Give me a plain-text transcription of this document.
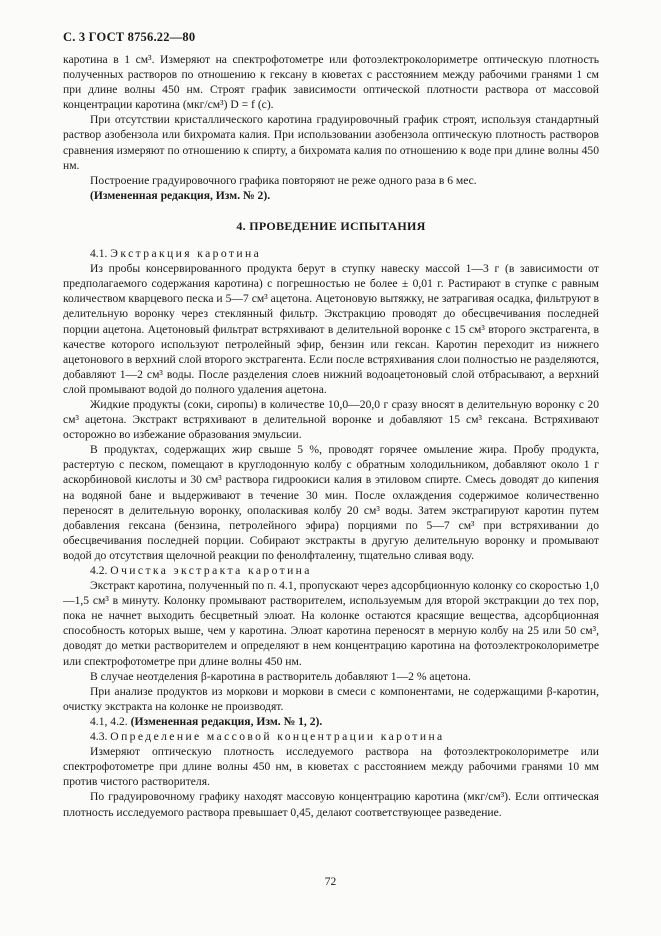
С. 3 ГОСТ 8756.22—80

каротина в 1 см³. Измеряют на спектрофотометре или фотоэлектроколориметре оптическую плотность полученных растворов по отношению к гексану в кюветах с расстоянием между рабочими гранями 1 см при длине волны 450 нм. Строят график зависимости оптической плотности раствора от массовой концентрации каротина (мкг/см³) D = f (c).

При отсутствии кристаллического каротина градуировочный график строят, используя стандартный раствор азобензола или бихромата калия. При использовании азобензола оптическую плотность растворов сравнения измеряют по отношению к спирту, а бихромата калия по отношению к воде при длине волны 450 нм.

Построение градуировочного графика повторяют не реже одного раза в 6 мес.

(Измененная редакция, Изм. № 2).

4. ПРОВЕДЕНИЕ ИСПЫТАНИЯ

4.1. Экстракция каротина

Из пробы консервированного продукта берут в ступку навеску массой 1—3 г (в зависимости от предполагаемого содержания каротина) с погрешностью не более ± 0,01 г. Растирают в ступке с равным количеством кварцевого песка и 5—7 см³ ацетона. Ацетоновую вытяжку, не затрагивая осадка, фильтруют в делительную воронку через стеклянный фильтр. Экстракцию проводят до обесцвечивания последней порции ацетона. Ацетоновый фильтрат встряхивают в делительной воронке с 15 см³ второго экстрагента, в качестве которого используют петролейный эфир, бензин или гексан. Каротин переходит из нижнего ацетонового в верхний слой второго экстрагента. Если после встряхивания слои полностью не разделяются, добавляют 1—2 см³ воды. После разделения слоев нижний водоацетоновый слой отбрасывают, а верхний слой промывают водой до полного удаления ацетона.

Жидкие продукты (соки, сиропы) в количестве 10,0—20,0 г сразу вносят в делительную воронку с 20 см³ ацетона. Экстракт встряхивают в делительной воронке и добавляют 15 см³ гексана. Встряхивают осторожно во избежание образования эмульсии.

В продуктах, содержащих жир свыше 5 %, проводят горячее омыление жира. Пробу продукта, растертую с песком, помещают в круглодонную колбу с обратным холодильником, добавляют около 1 г аскорбиновой кислоты и 30 см³ раствора гидроокиси калия в этиловом спирте. Смесь доводят до кипения на водяной бане и выдерживают в течение 30 мин. После охлаждения содержимое количественно переносят в делительную воронку, ополаскивая колбу 20 см³ воды. Затем экстрагируют каротин путем добавления гексана (бензина, петролейного эфира) порциями по 5—7 см³ при встряхивании до обесцвечивания последней порции. Собирают экстракты в другую делительную воронку и промывают водой до отсутствия щелочной реакции по фенолфталеину, тщательно сливая воду.

4.2. Очистка экстракта каротина

Экстракт каротина, полученный по п. 4.1, пропускают через адсорбционную колонку со скоростью 1,0—1,5 см³ в минуту. Колонку промывают растворителем, используемым для второй экстракции до тех пор, пока не начнет выходить бесцветный элюат. На колонке остаются красящие вещества, адсорбционная способность которых выше, чем у каротина. Элюат каротина переносят в мерную колбу на 25 или 50 см³, доводят до метки растворителем и определяют в нем концентрацию каротина на фотоэлектроколориметре или спектрофотометре при длине волны 450 нм.

В случае неотделения β-каротина в растворитель добавляют 1—2 % ацетона.

При анализе продуктов из моркови и моркови в смеси с компонентами, не содержащими β-каротин, очистку экстракта на колонке не производят.

4.1, 4.2. (Измененная редакция, Изм. № 1, 2).

4.3. Определение массовой концентрации каротина

Измеряют оптическую плотность исследуемого раствора на фотоэлектроколориметре или спектрофотометре при длине волны 450 нм, в кюветах с расстоянием между рабочими гранями 10 мм против чистого растворителя.

По градуировочному графику находят массовую концентрацию каротина (мкг/см³). Если оптическая плотность исследуемого раствора превышает 0,45, делают соответствующее разведение.

72
